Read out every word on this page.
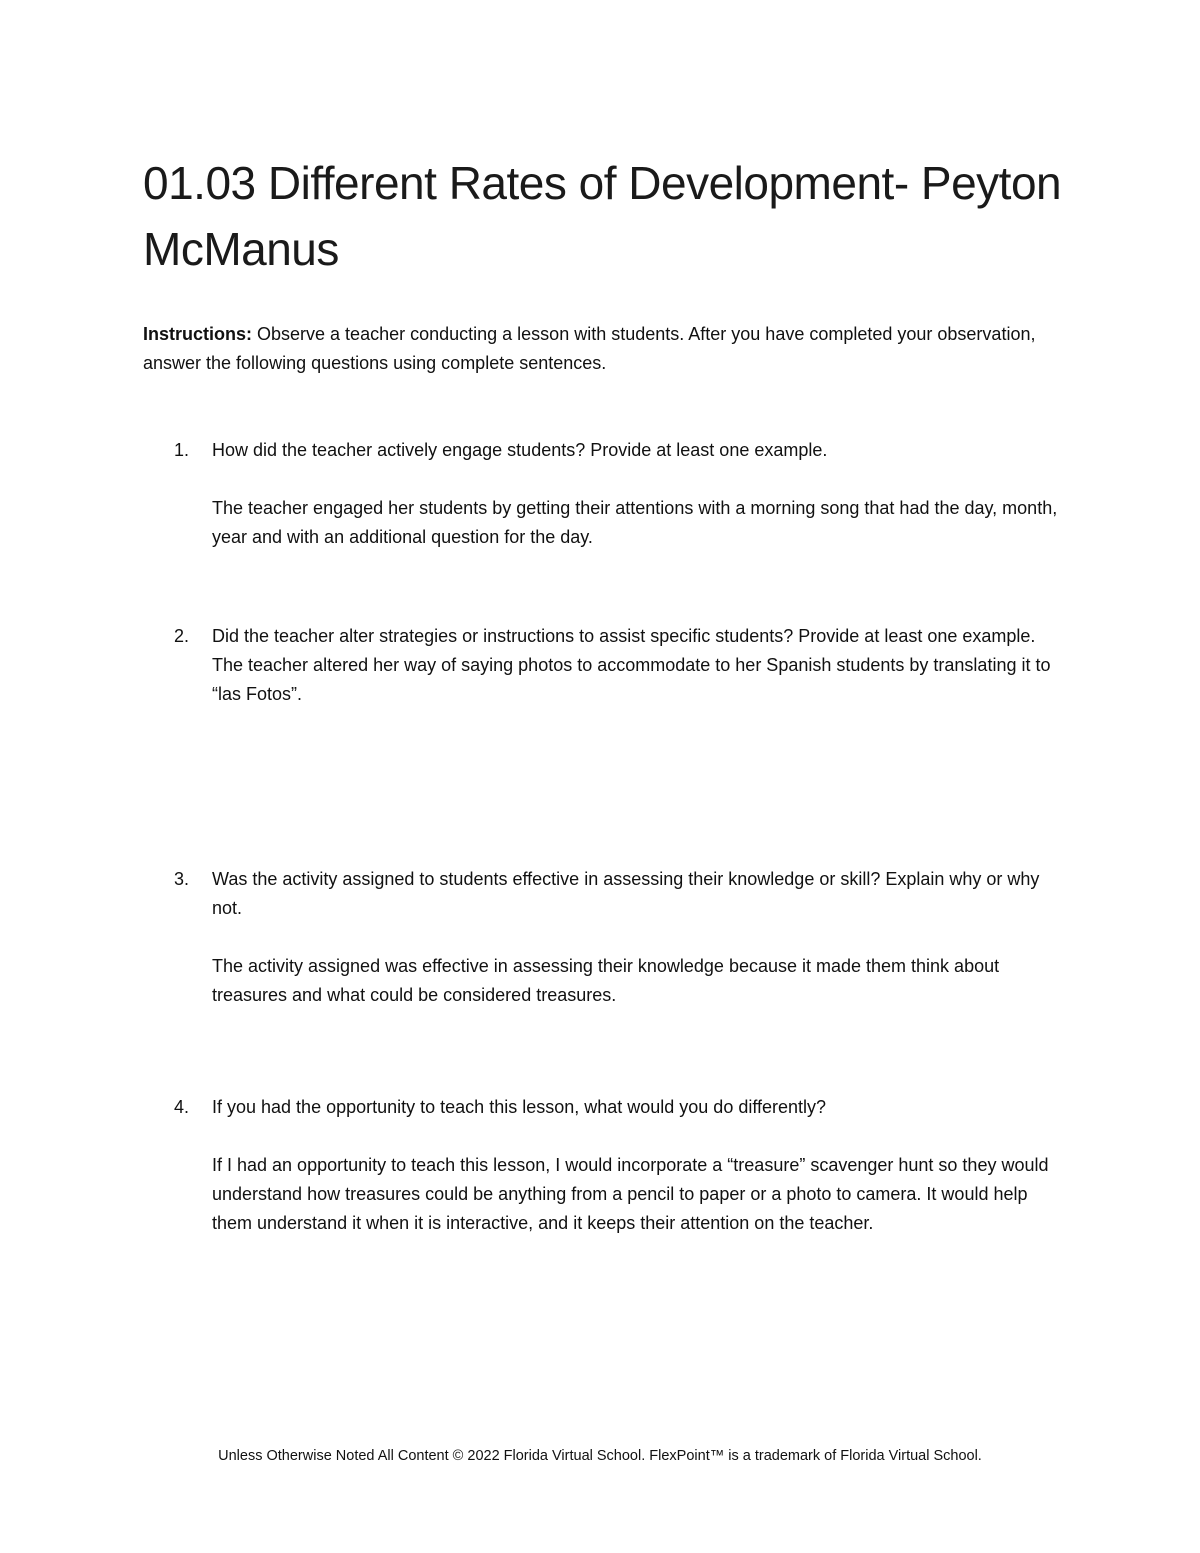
01.03 Different Rates of Development- Peyton McManus

Instructions: Observe a teacher conducting a lesson with students. After you have completed your observation, answer the following questions using complete sentences.

1. How did the teacher actively engage students? Provide at least one example.

The teacher engaged her students by getting their attentions with a morning song that had the day, month, year and with an additional question for the day.

2. Did the teacher alter strategies or instructions to assist specific students? Provide at least one example.

The teacher altered her way of saying photos to accommodate to her Spanish students by translating it to “las Fotos”.

3. Was the activity assigned to students effective in assessing their knowledge or skill? Explain why or why not.

The activity assigned was effective in assessing their knowledge because it made them think about treasures and what could be considered treasures.

4. If you had the opportunity to teach this lesson, what would you do differently?

If I had an opportunity to teach this lesson, I would incorporate a “treasure” scavenger hunt so they would understand how treasures could be anything from a pencil to paper or a photo to camera. It would help them understand it when it is interactive, and it keeps their attention on the teacher.

Unless Otherwise Noted All Content © 2022 Florida Virtual School. FlexPoint™ is a trademark of Florida Virtual School.
